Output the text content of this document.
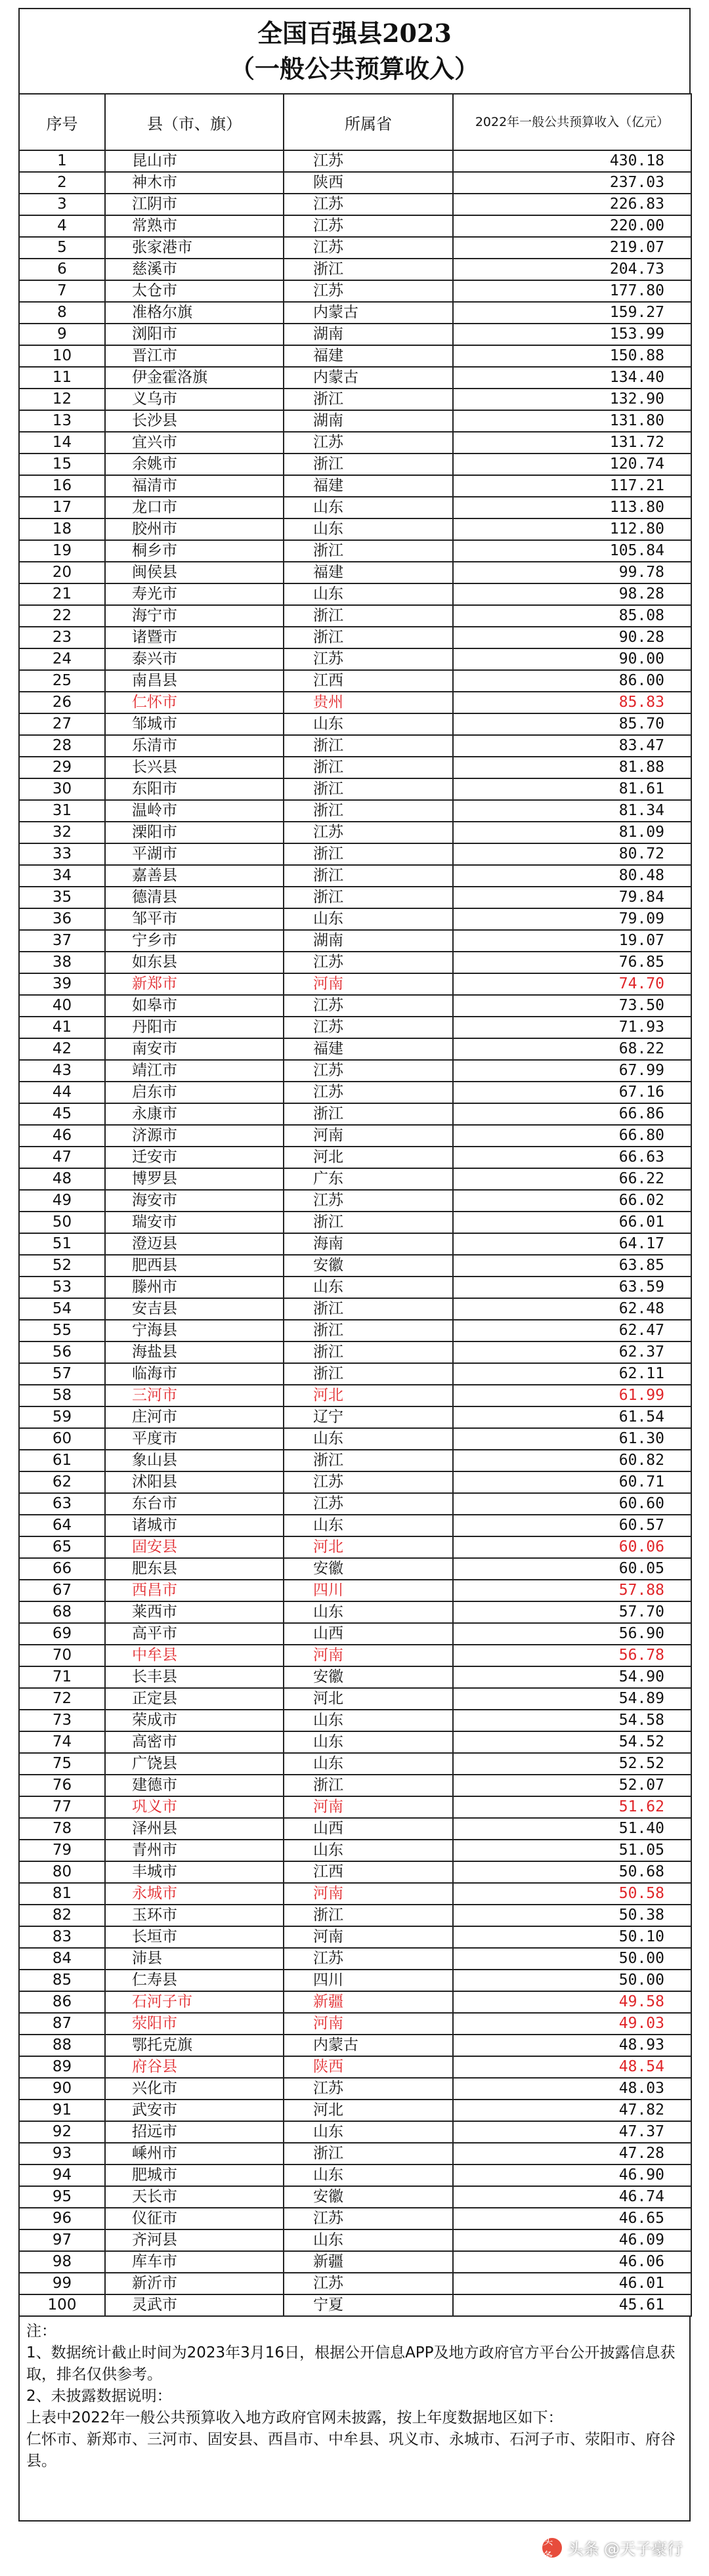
全国百强县2023
（一般公共预算收入）
序号	县（市、旗）	所属省	2022年一般公共预算收入（亿元）
1	昆山市	江苏	430.18
2	神木市	陕西	237.03
3	江阴市	江苏	226.83
4	常熟市	江苏	220.00
5	张家港市	江苏	219.07
6	慈溪市	浙江	204.73
7	太仓市	江苏	177.80
8	准格尔旗	内蒙古	159.27
9	浏阳市	湖南	153.99
10	晋江市	福建	150.88
11	伊金霍洛旗	内蒙古	134.40
12	义乌市	浙江	132.90
13	长沙县	湖南	131.80
14	宜兴市	江苏	131.72
15	余姚市	浙江	120.74
16	福清市	福建	117.21
17	龙口市	山东	113.80
18	胶州市	山东	112.80
19	桐乡市	浙江	105.84
20	闽侯县	福建	99.78
21	寿光市	山东	98.28
22	海宁市	浙江	85.08
23	诸暨市	浙江	90.28
24	泰兴市	江苏	90.00
25	南昌县	江西	86.00
26	仁怀市	贵州	85.83
27	邹城市	山东	85.70
28	乐清市	浙江	83.47
29	长兴县	浙江	81.88
30	东阳市	浙江	81.61
31	温岭市	浙江	81.34
32	溧阳市	江苏	81.09
33	平湖市	浙江	80.72
34	嘉善县	浙江	80.48
35	德清县	浙江	79.84
36	邹平市	山东	79.09
37	宁乡市	湖南	19.07
38	如东县	江苏	76.85
39	新郑市	河南	74.70
40	如皋市	江苏	73.50
41	丹阳市	江苏	71.93
42	南安市	福建	68.22
43	靖江市	江苏	67.99
44	启东市	江苏	67.16
45	永康市	浙江	66.86
46	济源市	河南	66.80
47	迁安市	河北	66.63
48	博罗县	广东	66.22
49	海安市	江苏	66.02
50	瑞安市	浙江	66.01
51	澄迈县	海南	64.17
52	肥西县	安徽	63.85
53	滕州市	山东	63.59
54	安吉县	浙江	62.48
55	宁海县	浙江	62.47
56	海盐县	浙江	62.37
57	临海市	浙江	62.11
58	三河市	河北	61.99
59	庄河市	辽宁	61.54
60	平度市	山东	61.30
61	象山县	浙江	60.82
62	沭阳县	江苏	60.71
63	东台市	江苏	60.60
64	诸城市	山东	60.57
65	固安县	河北	60.06
66	肥东县	安徽	60.05
67	西昌市	四川	57.88
68	莱西市	山东	57.70
69	高平市	山西	56.90
70	中牟县	河南	56.78
71	长丰县	安徽	54.90
72	正定县	河北	54.89
73	荣成市	山东	54.58
74	高密市	山东	54.52
75	广饶县	山东	52.52
76	建德市	浙江	52.07
77	巩义市	河南	51.62
78	泽州县	山西	51.40
79	青州市	山东	51.05
80	丰城市	江西	50.68
81	永城市	河南	50.58
82	玉环市	浙江	50.38
83	长垣市	河南	50.10
84	沛县	江苏	50.00
85	仁寿县	四川	50.00
86	石河子市	新疆	49.58
87	荥阳市	河南	49.03
88	鄂托克旗	内蒙古	48.93
89	府谷县	陕西	48.54
90	兴化市	江苏	48.03
91	武安市	河北	47.82
92	招远市	山东	47.37
93	嵊州市	浙江	47.28
94	肥城市	山东	46.90
95	天长市	安徽	46.74
96	仪征市	江苏	46.65
97	齐河县	山东	46.09
98	库车市	新疆	46.06
99	新沂市	江苏	46.01
100	灵武市	宁夏	45.61

注：

1、数据统计截止时间为2023年3月16日，根据公开信息APP及地方政府官方平台公开披露信息获取，排名仅供参考。

2、未披露数据说明：

上表中2022年一般公共预算收入地方政府官网未披露，按上年度数据地区如下：

仁怀市、新郑市、三河市、固安县、西昌市、中牟县、巩义市、永城市、石河子市、荥阳市、府谷县。

头条 头条 @天子豪行
